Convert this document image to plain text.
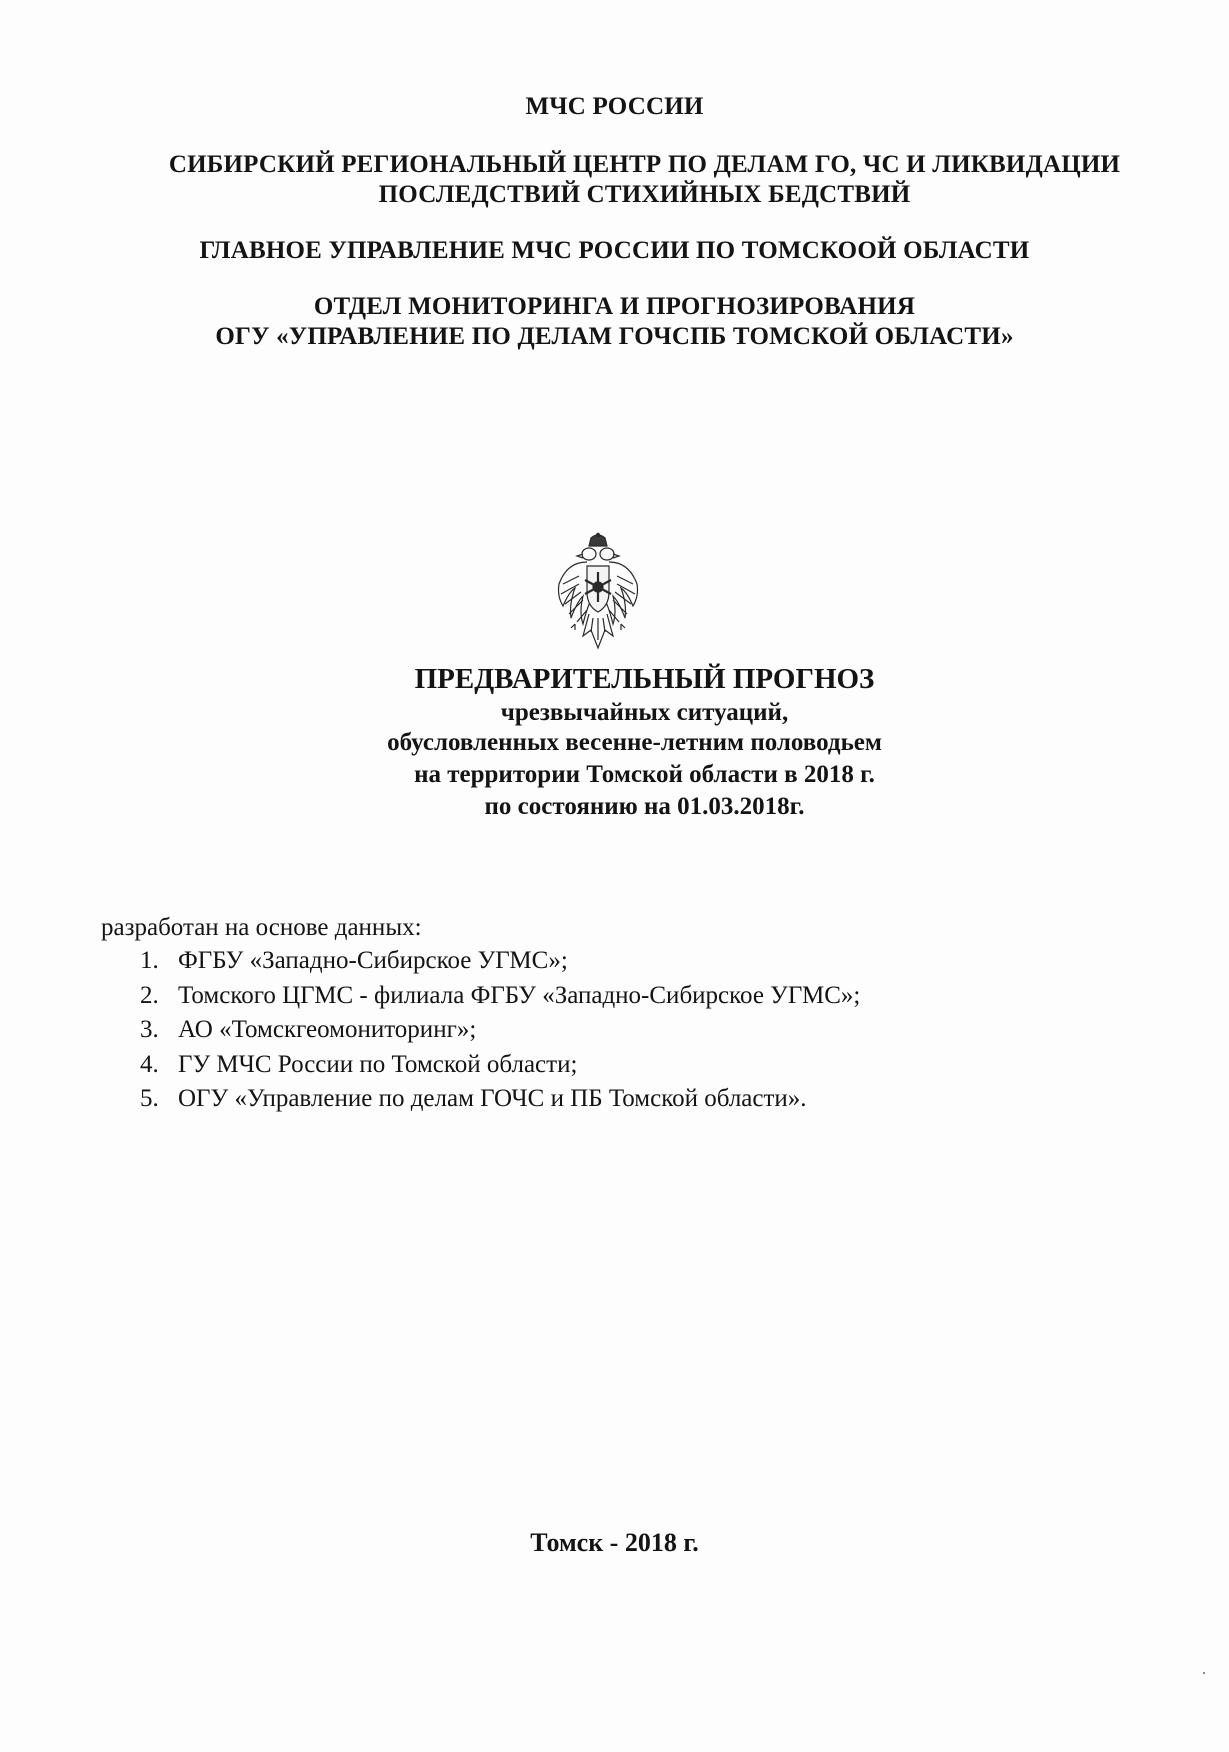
МЧС РОССИИ

СИБИРСКИЙ РЕГИОНАЛЬНЫЙ ЦЕНТР ПО ДЕЛАМ ГО, ЧС И ЛИКВИДАЦИИ

ПОСЛЕДСТВИЙ СТИХИЙНЫХ БЕДСТВИЙ

ГЛАВНОЕ УПРАВЛЕНИЕ МЧС РОССИИ ПО ТОМСКООЙ ОБЛАСТИ

ОТДЕЛ МОНИТОРИНГА И ПРОГНОЗИРОВАНИЯ

ОГУ «УПРАВЛЕНИЕ ПО ДЕЛАМ ГОЧСПБ ТОМСКОЙ ОБЛАСТИ»

ПРЕДВАРИТЕЛЬНЫЙ ПРОГНОЗ

чрезвычайных ситуаций,

обусловленных весенне-летним половодьем

на территории Томской области в 2018 г.

по состоянию на 01.03.2018г.

разработан на основе данных:

1. ФГБУ «Западно-Сибирское УГМС»;
2. Томского ЦГМС - филиала ФГБУ «Западно-Сибирское УГМС»;
3. АО «Томскгеомониторинг»;
4. ГУ МЧС России по Томской области;
5. ОГУ «Управление по делам ГОЧС и ПБ Томской области».

Томск - 2018 г.
